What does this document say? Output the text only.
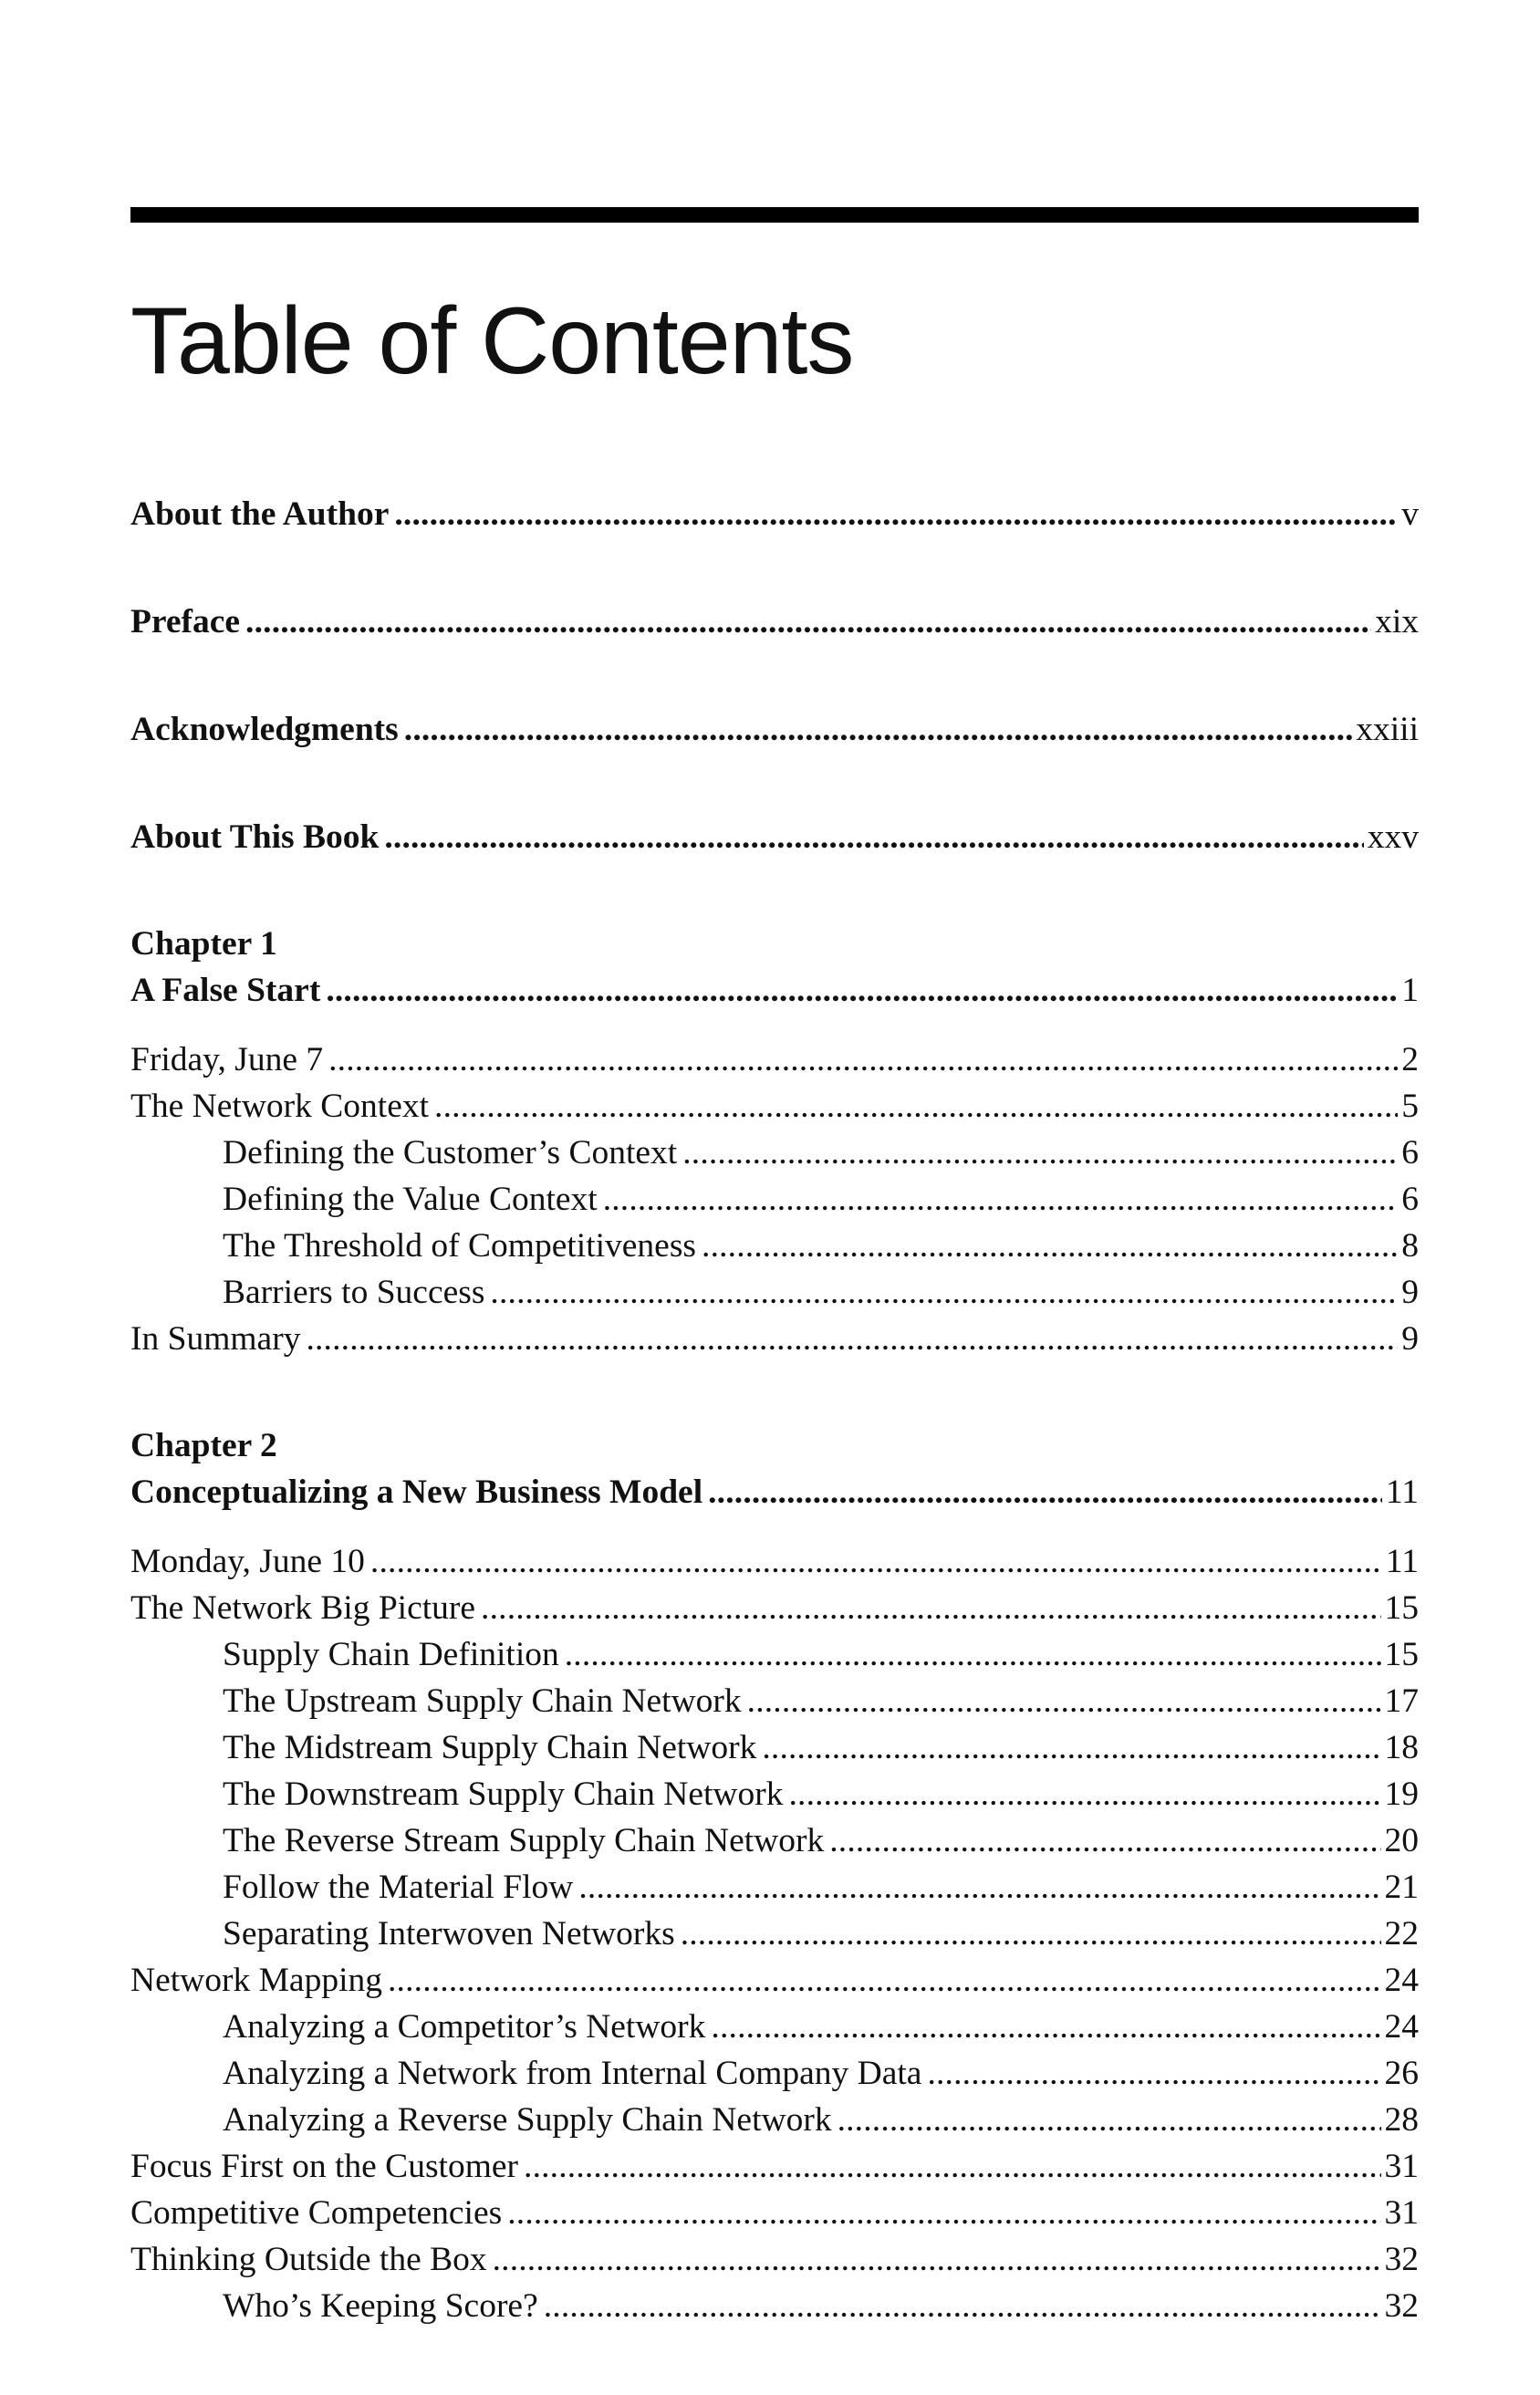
Table of Contents
About the Author . . .	v
Preface . . .	xix
Acknowledgments . . .	xxiii
About This Book . . .	xxv
Chapter 1
A False Start . . .	1
Friday, June 7 . . .	2
The Network Context . . .	5
Defining the Customer’s Context . . .	6
Defining the Value Context . . .	6
The Threshold of Competitiveness . . .	8
Barriers to Success . . .	9
In Summary . . .	9
Chapter 2
Conceptualizing a New Business Model . . .	11
Monday, June 10 . . .	11
The Network Big Picture . . .	15
Supply Chain Definition . . .	15
The Upstream Supply Chain Network . . .	17
The Midstream Supply Chain Network . . .	18
The Downstream Supply Chain Network . . .	19
The Reverse Stream Supply Chain Network . . .	20
Follow the Material Flow . . .	21
Separating Interwoven Networks . . .	22
Network Mapping . . .	24
Analyzing a Competitor’s Network . . .	24
Analyzing a Network from Internal Company Data . . .	26
Analyzing a Reverse Supply Chain Network . . .	28
Focus First on the Customer . . .	31
Competitive Competencies . . .	31
Thinking Outside the Box . . .	32
Who’s Keeping Score? . . .	32
